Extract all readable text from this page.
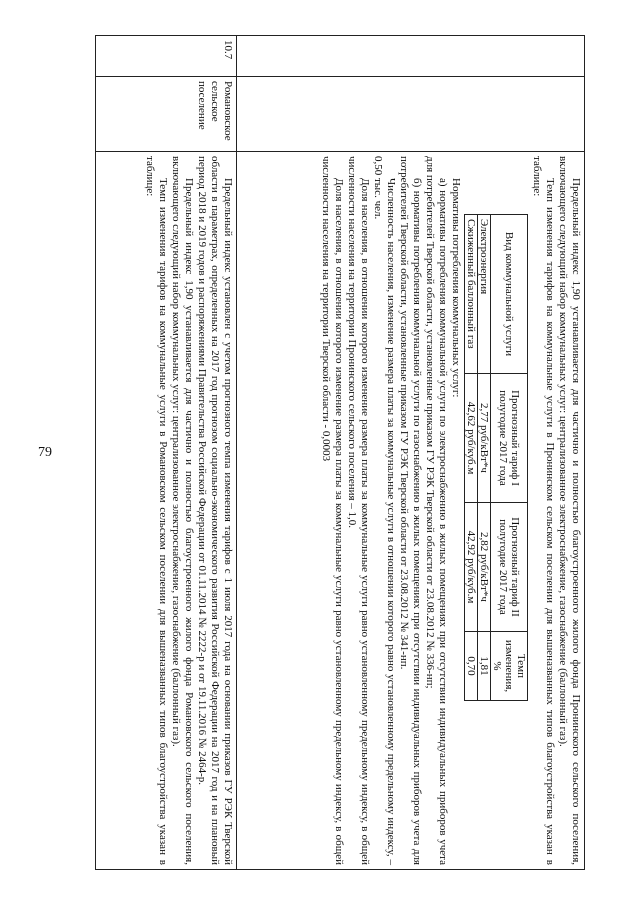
79
			Предельный индекс 1,90 устанавливается для частично и полностью благоустроенного жилого фонда Пронинского сельского поселения, включающего следующий набор коммунальных услуг: централизованное электроснабжение, газоснабжение (баллонный газ).

Темп изменения тарифов на коммунальные услуги в Пронинском сельском поселении для вышеназванных типов благоустройства указан в таблице:

Вид коммунальной услуги	Прогнозный тариф I полугодие 2017 года	Прогнозный тариф II полугодие 2017 года	Темп изменения, %
Электроэнергия	2,77 руб/кВт*ч	2,82 руб/кВт*ч	1,81
Сжиженный баллонный газ	42,62 руб/куб.м	42,92 руб/куб.м	0,70

Нормативы потребления коммунальных услуг:

а) нормативы потребления коммунальной услуги по электроснабжению в жилых помещениях при отсутствии индивидуальных приборов учета для потребителей Тверской области, установленные приказом ГУ РЭК Тверской области от 23.08.2012 № 336-нп;

б) нормативы потребления коммунальной услуги по газоснабжению в жилых помещениях при отсутствии индивидуальных приборов учета для потребителей Тверской области, установленные приказом ГУ РЭК Тверской области от 23.08.2012 № 341-нп.

Численность населения, изменение размера платы за коммунальные услуги в отношении которого равно установленному предельному индексу, – 0,50 тыс. чел.

Доля населения, в отношении которого изменение размера платы за коммунальные услуги равно установленному предельному индексу, в общей численности населения на территории Пронинского сельского поселения – 1,0.

Доля населения, в отношении которого изменение размера платы за коммунальные услуги равно установленному предельному индексу, в общей численности населения на территории Тверской области - 0,0003

10.7	Романовское сельское поселение	

Предельный индекс установлен с учетом прогнозного темпа изменения тарифов с 1 июля 2017 года на основании приказов ГУ РЭК Тверской области в параметрах, определенных на 2017 год прогнозом социально-экономического развития Российской Федерации на 2017 год и на плановый период 2018 и 2019 годов и распоряжениями Правительства Российской Федерации от 01.11.2014 № 2222-р и от 19.11.2016 № 2464-р.

Предельный индекс 1,90 устанавливается для частично и полностью благоустроенного жилого фонда Романовского сельского поселения, включающего следующий набор коммунальных услуг: централизованное электроснабжение, газоснабжение (баллонный газ).

Темп изменения тарифов на коммунальные услуги в Романовском сельском поселении для вышеназванных типов благоустройства указан в таблице:
